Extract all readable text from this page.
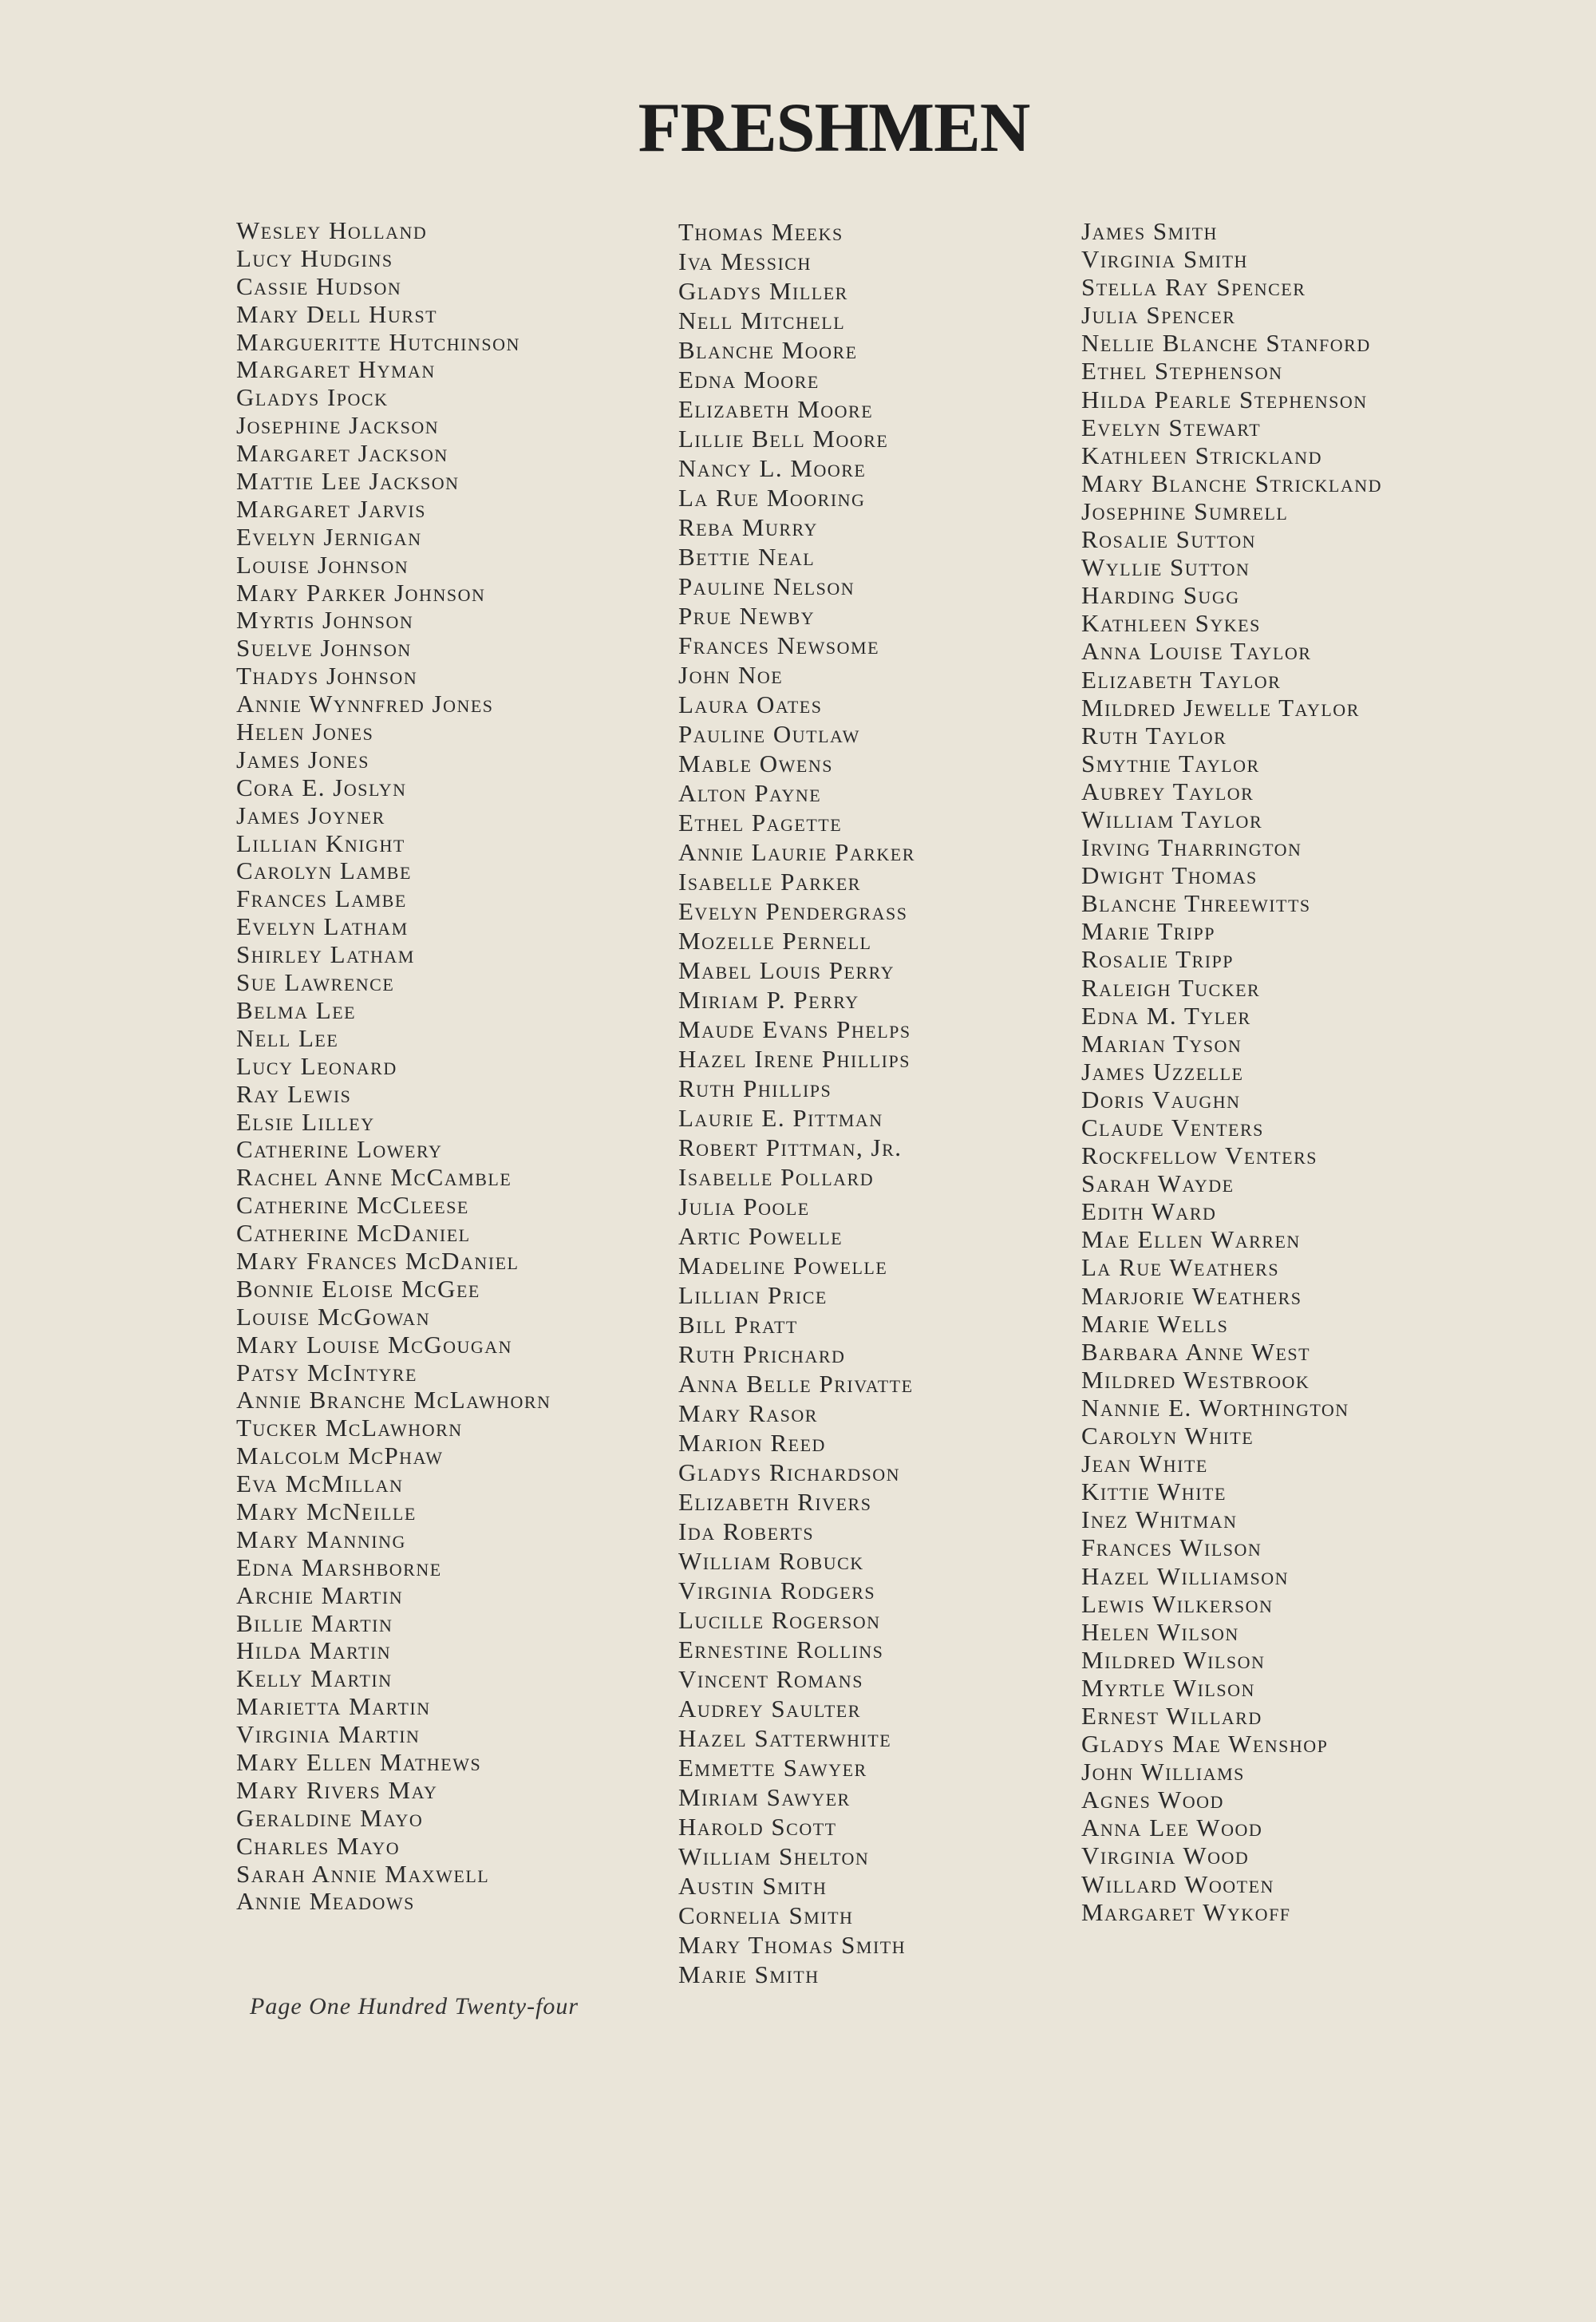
FRESHMEN
Wesley Holland
Lucy Hudgins
Cassie Hudson
Mary Dell Hurst
Margueritte Hutchinson
Margaret Hyman
Gladys Ipock
Josephine Jackson
Margaret Jackson
Mattie Lee Jackson
Margaret Jarvis
Evelyn Jernigan
Louise Johnson
Mary Parker Johnson
Myrtis Johnson
Suelve Johnson
Thadys Johnson
Annie Wynnfred Jones
Helen Jones
James Jones
Cora E. Joslyn
James Joyner
Lillian Knight
Carolyn Lambe
Frances Lambe
Evelyn Latham
Shirley Latham
Sue Lawrence
Belma Lee
Nell Lee
Lucy Leonard
Ray Lewis
Elsie Lilley
Catherine Lowery
Rachel Anne McCamble
Catherine McCleese
Catherine McDaniel
Mary Frances McDaniel
Bonnie Eloise McGee
Louise McGowan
Mary Louise McGougan
Patsy McIntyre
Annie Branche McLawhorn
Tucker McLawhorn
Malcolm McPhaw
Eva McMillan
Mary McNeille
Mary Manning
Edna Marshborne
Archie Martin
Billie Martin
Hilda Martin
Kelly Martin
Marietta Martin
Virginia Martin
Mary Ellen Mathews
Mary Rivers May
Geraldine Mayo
Charles Mayo
Sarah Annie Maxwell
Annie Meadows
Thomas Meeks
Iva Messich
Gladys Miller
Nell Mitchell
Blanche Moore
Edna Moore
Elizabeth Moore
Lillie Bell Moore
Nancy L. Moore
La Rue Mooring
Reba Murry
Bettie Neal
Pauline Nelson
Prue Newby
Frances Newsome
John Noe
Laura Oates
Pauline Outlaw
Mable Owens
Alton Payne
Ethel Pagette
Annie Laurie Parker
Isabelle Parker
Evelyn Pendergrass
Mozelle Pernell
Mabel Louis Perry
Miriam P. Perry
Maude Evans Phelps
Hazel Irene Phillips
Ruth Phillips
Laurie E. Pittman
Robert Pittman, Jr.
Isabelle Pollard
Julia Poole
Artic Powelle
Madeline Powelle
Lillian Price
Bill Pratt
Ruth Prichard
Anna Belle Privatte
Mary Rasor
Marion Reed
Gladys Richardson
Elizabeth Rivers
Ida Roberts
William Robuck
Virginia Rodgers
Lucille Rogerson
Ernestine Rollins
Vincent Romans
Audrey Saulter
Hazel Satterwhite
Emmette Sawyer
Miriam Sawyer
Harold Scott
William Shelton
Austin Smith
Cornelia Smith
Mary Thomas Smith
Marie Smith
James Smith
Virginia Smith
Stella Ray Spencer
Julia Spencer
Nellie Blanche Stanford
Ethel Stephenson
Hilda Pearle Stephenson
Evelyn Stewart
Kathleen Strickland
Mary Blanche Strickland
Josephine Sumrell
Rosalie Sutton
Wyllie Sutton
Harding Sugg
Kathleen Sykes
Anna Louise Taylor
Elizabeth Taylor
Mildred Jewelle Taylor
Ruth Taylor
Smythie Taylor
Aubrey Taylor
William Taylor
Irving Tharrington
Dwight Thomas
Blanche Threewitts
Marie Tripp
Rosalie Tripp
Raleigh Tucker
Edna M. Tyler
Marian Tyson
James Uzzelle
Doris Vaughn
Claude Venters
Rockfellow Venters
Sarah Wayde
Edith Ward
Mae Ellen Warren
La Rue Weathers
Marjorie Weathers
Marie Wells
Barbara Anne West
Mildred Westbrook
Nannie E. Worthington
Carolyn White
Jean White
Kittie White
Inez Whitman
Frances Wilson
Hazel Williamson
Lewis Wilkerson
Helen Wilson
Mildred Wilson
Myrtle Wilson
Ernest Willard
Gladys Mae Wenshop
John Williams
Agnes Wood
Anna Lee Wood
Virginia Wood
Willard Wooten
Margaret Wykoff
Page One Hundred Twenty-four
